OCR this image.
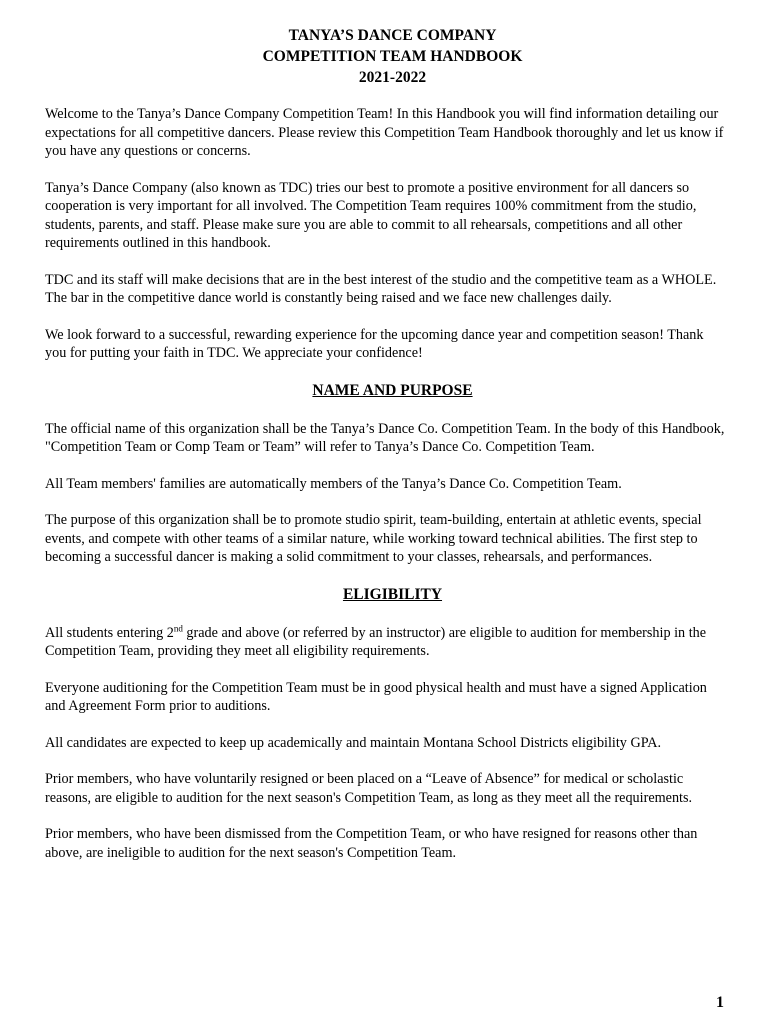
TANYA’S DANCE COMPANY
COMPETITION TEAM HANDBOOK
2021-2022

Welcome to the Tanya’s Dance Company Competition Team! In this Handbook you will find information detailing our expectations for all competitive dancers. Please review this Competition Team Handbook thoroughly and let us know if you have any questions or concerns.

Tanya’s Dance Company (also known as TDC) tries our best to promote a positive environment for all dancers so cooperation is very important for all involved. The Competition Team requires 100% commitment from the studio, students, parents, and staff. Please make sure you are able to commit to all rehearsals, competitions and all other requirements outlined in this handbook.

TDC and its staff will make decisions that are in the best interest of the studio and the competitive team as a WHOLE. The bar in the competitive dance world is constantly being raised and we face new challenges daily.

We look forward to a successful, rewarding experience for the upcoming dance year and competition season! Thank you for putting your faith in TDC. We appreciate your confidence!

NAME AND PURPOSE

The official name of this organization shall be the Tanya’s Dance Co. Competition Team. In the body of this Handbook, "Competition Team or Comp Team or Team” will refer to Tanya’s Dance Co. Competition Team.

All Team members' families are automatically members of the Tanya’s Dance Co. Competition Team.

The purpose of this organization shall be to promote studio spirit, team-building, entertain at athletic events, special events, and compete with other teams of a similar nature, while working toward technical abilities. The first step to becoming a successful dancer is making a solid commitment to your classes, rehearsals, and performances.

ELIGIBILITY

All students entering 2nd grade and above (or referred by an instructor) are eligible to audition for membership in the Competition Team, providing they meet all eligibility requirements.

Everyone auditioning for the Competition Team must be in good physical health and must have a signed Application and Agreement Form prior to auditions.

All candidates are expected to keep up academically and maintain Montana School Districts eligibility GPA.

Prior members, who have voluntarily resigned or been placed on a “Leave of Absence” for medical or scholastic reasons, are eligible to audition for the next season's Competition Team, as long as they meet all the requirements.

Prior members, who have been dismissed from the Competition Team, or who have resigned for reasons other than above, are ineligible to audition for the next season's Competition Team.

1
